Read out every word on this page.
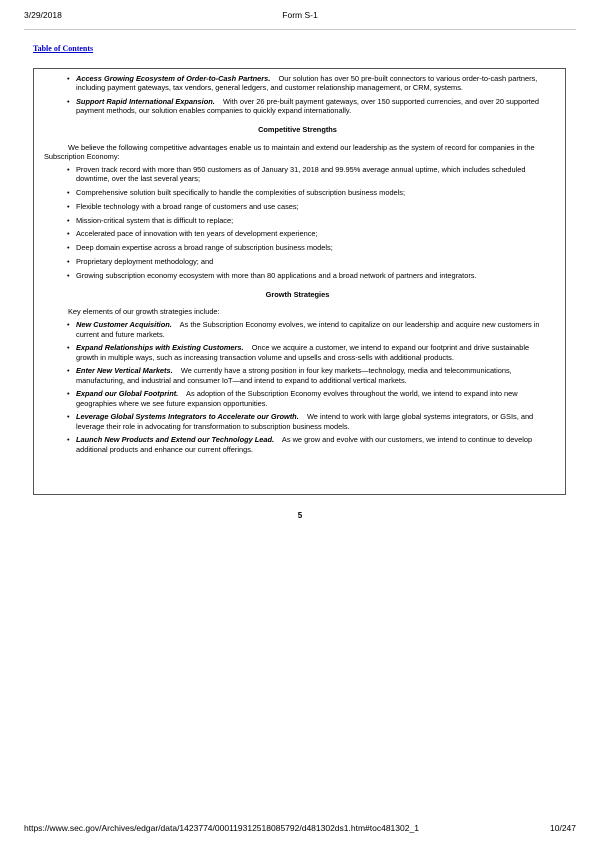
3/29/2018	Form S-1
Table of Contents
• Access Growing Ecosystem of Order-to-Cash Partners. Our solution has over 50 pre-built connectors to various order-to-cash partners, including payment gateways, tax vendors, general ledgers, and customer relationship management, or CRM, systems.
• Support Rapid International Expansion. With over 26 pre-built payment gateways, over 150 supported currencies, and over 20 supported payment methods, our solution enables companies to quickly expand internationally.
Competitive Strengths

We believe the following competitive advantages enable us to maintain and extend our leadership as the system of record for companies in the Subscription Economy:

• Proven track record with more than 950 customers as of January 31, 2018 and 99.95% average annual uptime, which includes scheduled downtime, over the last several years;
• Comprehensive solution built specifically to handle the complexities of subscription business models;
• Flexible technology with a broad range of customers and use cases;
• Mission-critical system that is difficult to replace;
• Accelerated pace of innovation with ten years of development experience;
• Deep domain expertise across a broad range of subscription business models;
• Proprietary deployment methodology; and
• Growing subscription economy ecosystem with more than 80 applications and a broad network of partners and integrators.
Growth Strategies

Key elements of our growth strategies include:

• New Customer Acquisition. As the Subscription Economy evolves, we intend to capitalize on our leadership and acquire new customers in current and future markets.
• Expand Relationships with Existing Customers. Once we acquire a customer, we intend to expand our footprint and drive sustainable growth in multiple ways, such as increasing transaction volume and upsells and cross-sells with additional products.
• Enter New Vertical Markets. We currently have a strong position in four key markets—technology, media and telecommunications, manufacturing, and industrial and consumer IoT—and intend to expand to additional vertical markets.
• Expand our Global Footprint. As adoption of the Subscription Economy evolves throughout the world, we intend to expand into new geographies where we see future expansion opportunities.
• Leverage Global Systems Integrators to Accelerate our Growth. We intend to work with large global systems integrators, or GSIs, and leverage their role in advocating for transformation to subscription business models.
• Launch New Products and Extend our Technology Lead. As we grow and evolve with our customers, we intend to continue to develop additional products and enhance our current offerings.
5
https://www.sec.gov/Archives/edgar/data/1423774/000119312518085792/d481302ds1.htm#toc481302_1	10/247
